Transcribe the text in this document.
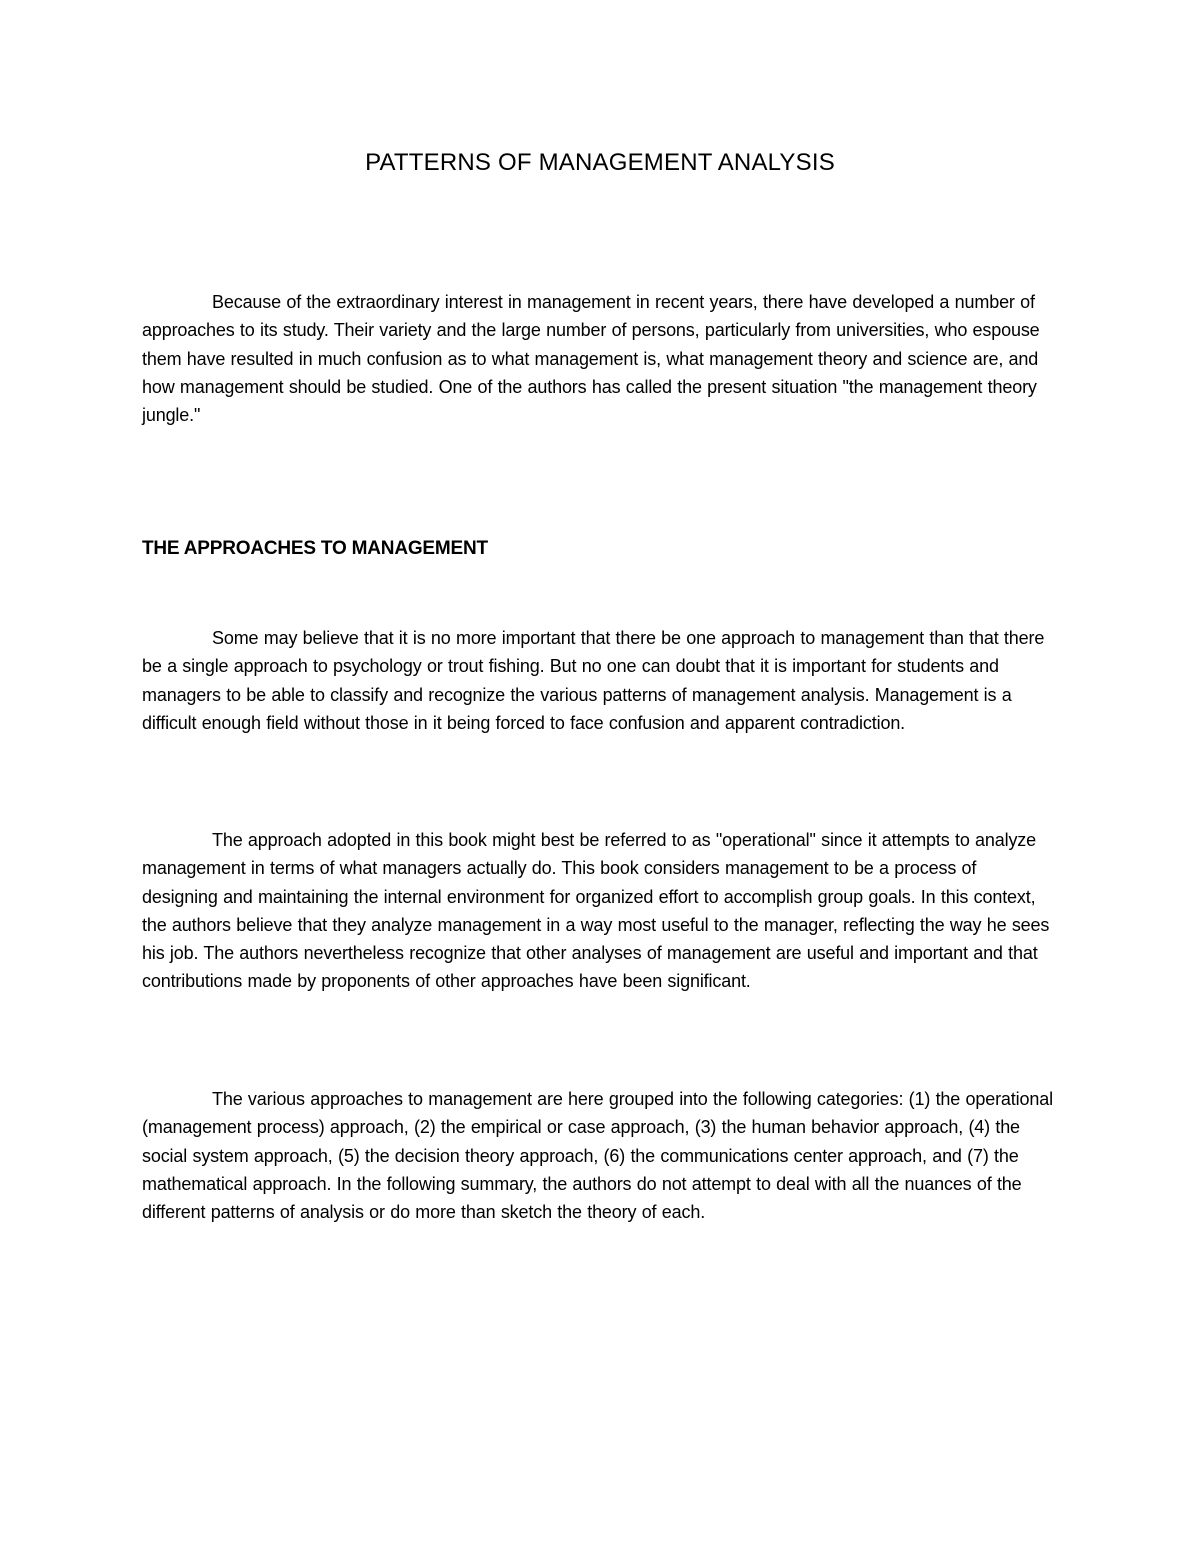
PATTERNS OF MANAGEMENT ANALYSIS

Because of the extraordinary interest in management in recent years, there have developed a number of approaches to its study. Their variety and the large number of persons, particularly from universities, who espouse them have resulted in much confusion as to what management is, what management theory and science are, and how management should be studied. One of the authors has called the present situation "the management theory jungle."

THE APPROACHES TO MANAGEMENT

Some may believe that it is no more important that there be one approach to management than that there be a single approach to psychology or trout fishing. But no one can doubt that it is important for students and managers to be able to classify and recognize the various patterns of management analysis. Management is a difficult enough field without those in it being forced to face confusion and apparent contradiction.

The approach adopted in this book might best be referred to as "operational" since it attempts to analyze management in terms of what managers actually do. This book considers management to be a process of designing and maintaining the internal environment for organized effort to accomplish group goals. In this context, the authors believe that they analyze management in a way most useful to the manager, reflecting the way he sees his job. The authors nevertheless recognize that other analyses of management are useful and important and that contributions made by proponents of other approaches have been significant.

The various approaches to management are here grouped into the following categories: (1) the operational (management process) approach, (2) the empirical or case approach, (3) the human behavior approach, (4) the social system approach, (5) the decision theory approach, (6) the communications center approach, and (7) the mathematical approach. In the following summary, the authors do not attempt to deal with all the nuances of the different patterns of analysis or do more than sketch the theory of each.
